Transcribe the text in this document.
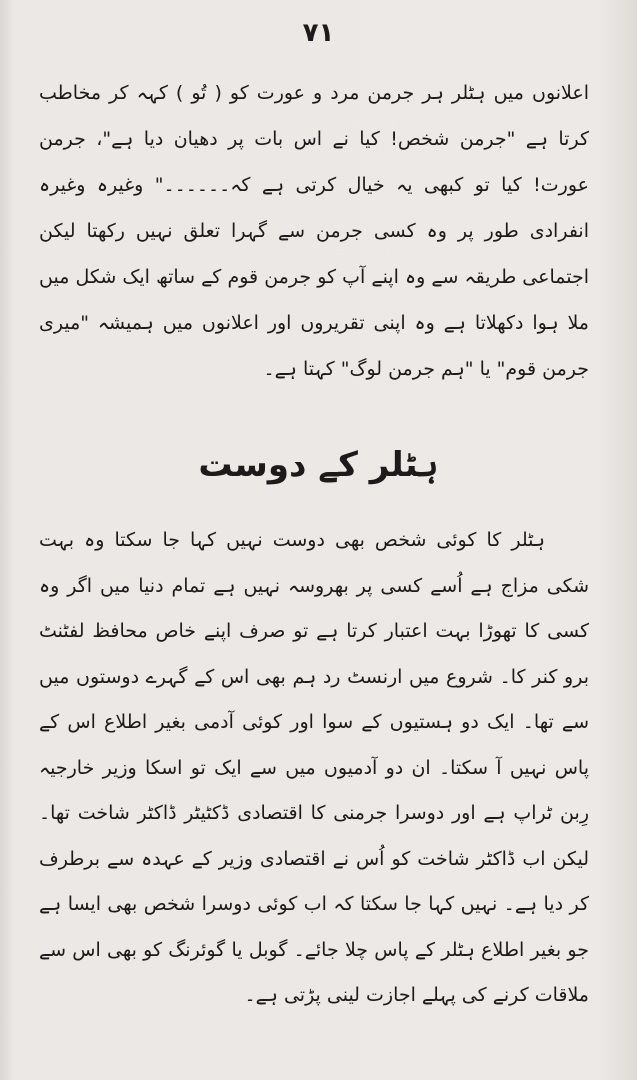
٧١

اعلانوں میں ہٹلر ہر جرمن مرد و عورت کو ( تُو ) کہہ کر مخاطب کرتا ہے "جرمن شخص! کیا نے اس بات پر دھیان دیا ہے"، جرمن عورت! کیا تو کبھی یہ خیال کرتی ہے کہ۔۔۔۔۔۔" وغیرہ وغیرہ انفرادی طور پر وہ کسی جرمن سے گہرا تعلق نہیں رکھتا لیکن اجتماعی طریقہ سے وہ اپنے آپ کو جرمن قوم کے ساتھ ایک شکل میں ملا ہوا دکھلاتا ہے وہ اپنی تقریروں اور اعلانوں میں ہمیشہ "میری جرمن قوم" یا "ہم جرمن لوگ" کہتا ہے۔

ہٹلر کے دوست

ہٹلر کا کوئی شخص بھی دوست نہیں کہا جا سکتا وہ بہت شکی مزاج ہے اُسے کسی پر بھروسہ نہیں ہے تمام دنیا میں اگر وہ کسی کا تھوڑا بہت اعتبار کرتا ہے تو صرف اپنے خاص محافظ لفٹنٹ برو کنر کا۔ شروع میں ارنسٹ رد ہم بھی اس کے گہرے دوستوں میں سے تھا۔ ایک دو ہستیوں کے سوا اور کوئی آدمی بغیر اطلاع اس کے پاس نہیں آ سکتا۔ ان دو آدمیوں میں سے ایک تو اسکا وزیر خارجیہ رِبن ٹراپ ہے اور دوسرا جرمنی کا اقتصادی ڈکٹیٹر ڈاکٹر شاخت تھا۔ لیکن اب ڈاکٹر شاخت کو اُس نے اقتصادی وزیر کے عہدہ سے برطرف کر دیا ہے۔ نہیں کہا جا سکتا کہ اب کوئی دوسرا شخص بھی ایسا ہے جو بغیر اطلاع ہٹلر کے پاس چلا جائے۔ گوبل یا گوئرنگ کو بھی اس سے ملاقات کرنے کی پہلے اجازت لینی پڑتی ہے۔
